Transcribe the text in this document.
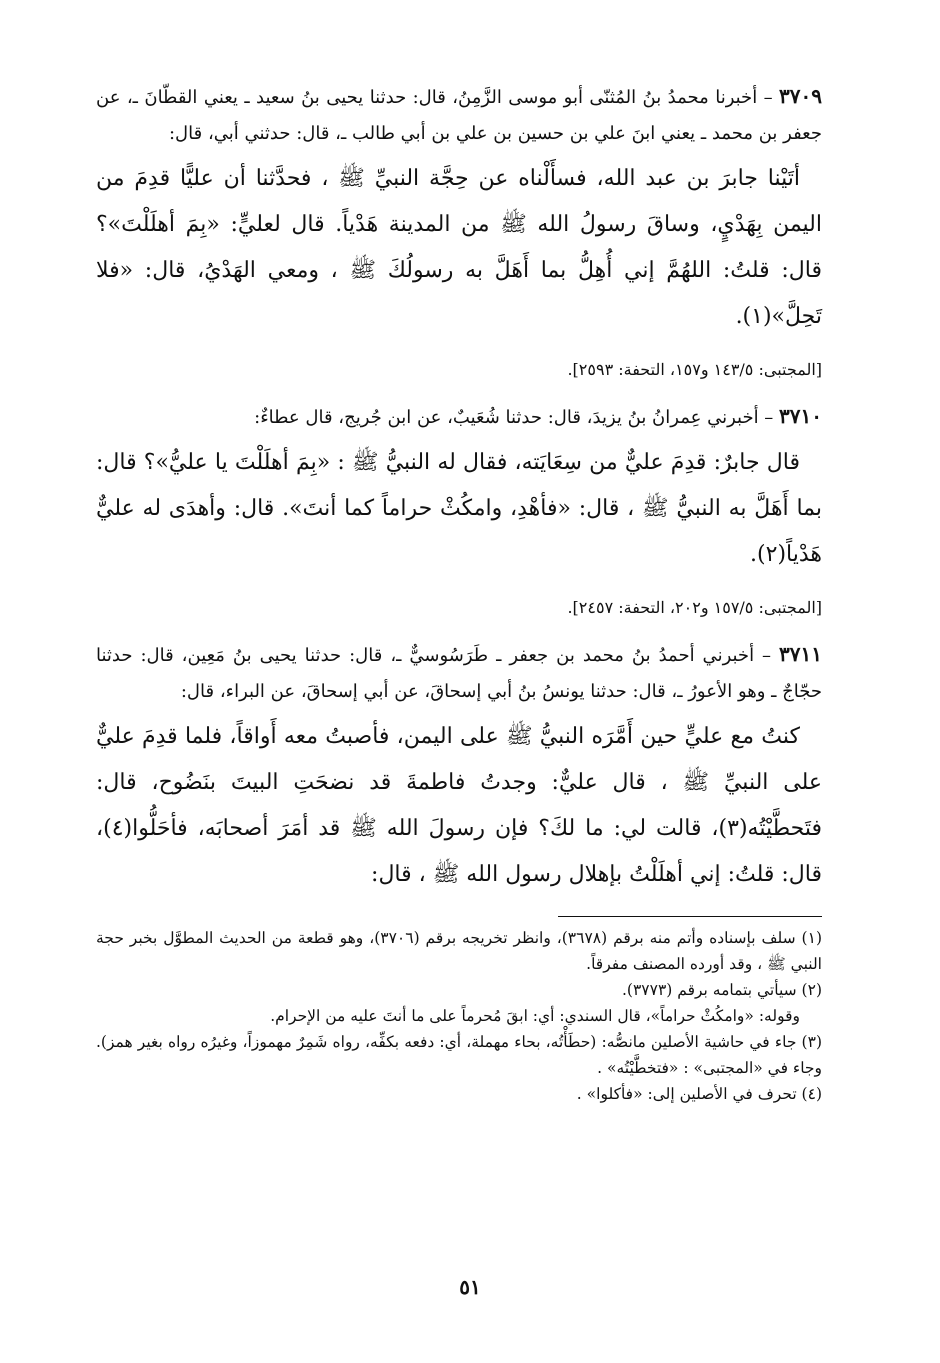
٣٧٠٩ – أخبرنا محمدُ بنُ المُثنّى أبو موسى الزَّمِنُ، قال: حدثنا يحيى بنُ سعيد ـ يعني القطّانَ ـ، عن جعفر بن محمد ـ يعني ابنَ علي بن حسين بن علي بن أبي طالب ـ، قال: حدثني أبي، قال:

أتَيْنا جابرَ بن عبد الله، فسأَلْناه عن حِجَّة النبيِّ ﷺ ، فحدَّثنا أن عليًّا قدِمَ من اليمن بِهَدْيٍ، وساقَ رسولُ الله ﷺ من المدينة هَدْياً. قال لعليٍّ: «بِمَ أهلَلْتَ»؟ قال: قلتُ: اللهُمَّ إني أُهِلُّ بما أَهَلَّ به رسولُكَ ﷺ ، ومعي الهَدْيُ، قال: «فلا تَحِلَّ»(١).

[المجتبى: ١٤٣/٥ و١٥٧، التحفة: ٢٥٩٣].

٣٧١٠ – أخبرني عِمرانُ بنُ يزيدَ، قال: حدثنا شُعَيبٌ، عن ابن جُريج، قال عطاءٌ:

قال جابرٌ: قدِمَ عليٌّ من سِعَايَته، فقال له النبيُّ ﷺ : «بِمَ أهلَلْتَ يا عليُّ»؟ قال: بما أَهَلَّ به النبيُّ ﷺ ، قال: «فأهْدِ، وامكُثْ حراماً كما أنتَ». قال: وأهدَى له عليٌّ هَدْياً(٢).

[المجتبى: ١٥٧/٥ و٢٠٢، التحفة: ٢٤٥٧].

٣٧١١ – أخبرني أحمدُ بنُ محمد بن جعفر ـ طَرَسُوسيٌّ ـ، قال: حدثنا يحيى بنُ مَعِين، قال: حدثنا حجّاجٌ ـ وهو الأعورُ ـ، قال: حدثنا يونسُ بنُ أبي إسحاقَ، عن أبي إسحاقَ، عن البراء، قال:

كنتُ مع عليٍّ حين أَمَّرَه النبيُّ ﷺ على اليمن، فأصبتُ معه أَواقاً، فلما قدِمَ عليٌّ على النبيِّ ﷺ ، قال عليٌّ: وجدتُ فاطمةَ قد نضحَتِ البيتَ بنَضُوح، قال: فتَحطَّيْتُه(٣)، قالت لي: ما لكَ؟ فإن رسولَ الله ﷺ قد أمَرَ أصحابَه، فأحَلُّوا(٤)، قال: قلتُ: إني أهلَلْتُ بإهلال رسول الله ﷺ ، قال:

(١) سلف بإسناده وأتم منه برقم (٣٦٧٨)، وانظر تخريجه برقم (٣٧٠٦)، وهو قطعة من الحديث المطوَّل بخبر حجة النبي ﷺ ، وقد أورده المصنف مفرقاً.

(٢) سيأتي بتمامه برقم (٣٧٧٣).

وقوله: «وامكُثْ حراماً»، قال السندي: أي: ابقَ مُحرماً على ما أنتَ عليه من الإحرام.

(٣) جاء في حاشية الأصلين مانصُّه: (حطَأْتُه، بحاء مهملة، أي: دفعه بكفِّه، رواه شَمِرٌ مهموزاً، وغيرُه رواه بغير همز). وجاء في «المجتبى» : «فتخطَّيْتُه» .

(٤) تحرف في الأصلين إلى: «فأكلوا» .

٥١
